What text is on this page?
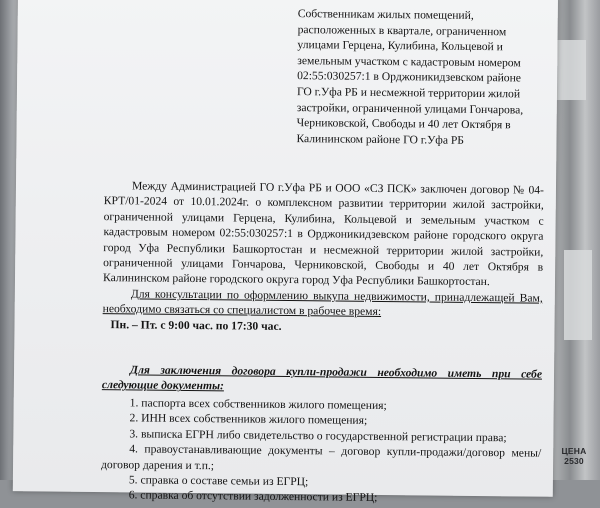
Собственникам жилых помещений,
расположенных в квартале, ограниченном
улицами Герцена, Кулибина, Кольцевой и
земельным участком с кадастровым номером
02:55:030257:1 в Орджоникидзевском районе
ГО г.Уфа РБ и несмежной территории жилой
застройки, ограниченной улицами Гончарова,
Черниковской, Свободы и 40 лет Октября в
Калининском районе ГО г.Уфа РБ

Между Администрацией ГО г.Уфа РБ и ООО «СЗ ПСК» заключен договор № 04-КРТ/01-2024 от 10.01.2024г. о комплексном развитии территории жилой застройки, ограниченной улицами Герцена, Кулибина, Кольцевой и земельным участком с кадастровым номером 02:55:030257:1 в Орджоникидзевском районе городского округа город Уфа Республики Башкортостан и несмежной территории жилой застройки, ограниченной улицами Гончарова, Черниковской, Свободы и 40 лет Октября в Калининском районе городского округа город Уфа Республики Башкортостан.

Для консультации по оформлению выкупа недвижимости, принадлежащей Вам, необходимо связаться со специалистом в рабочее время:

Пн. – Пт. с 9:00 час. по 17:30 час.

Для заключения договора купли-продажи необходимо иметь при себе следующие документы:

1. паспорта всех собственников жилого помещения;
2. ИНН всех собственников жилого помещения;
3. выписка ЕГРН либо свидетельство о государственной регистрации права;
4. правоустанавливающие документы – договор купли-продажи/договор мены/договор дарения и т.п.;
5. справка о составе семьи из ЕГРЦ;
6. справка об отсутствии задолженности из ЕГРЦ;
ЦЕНА
2530
